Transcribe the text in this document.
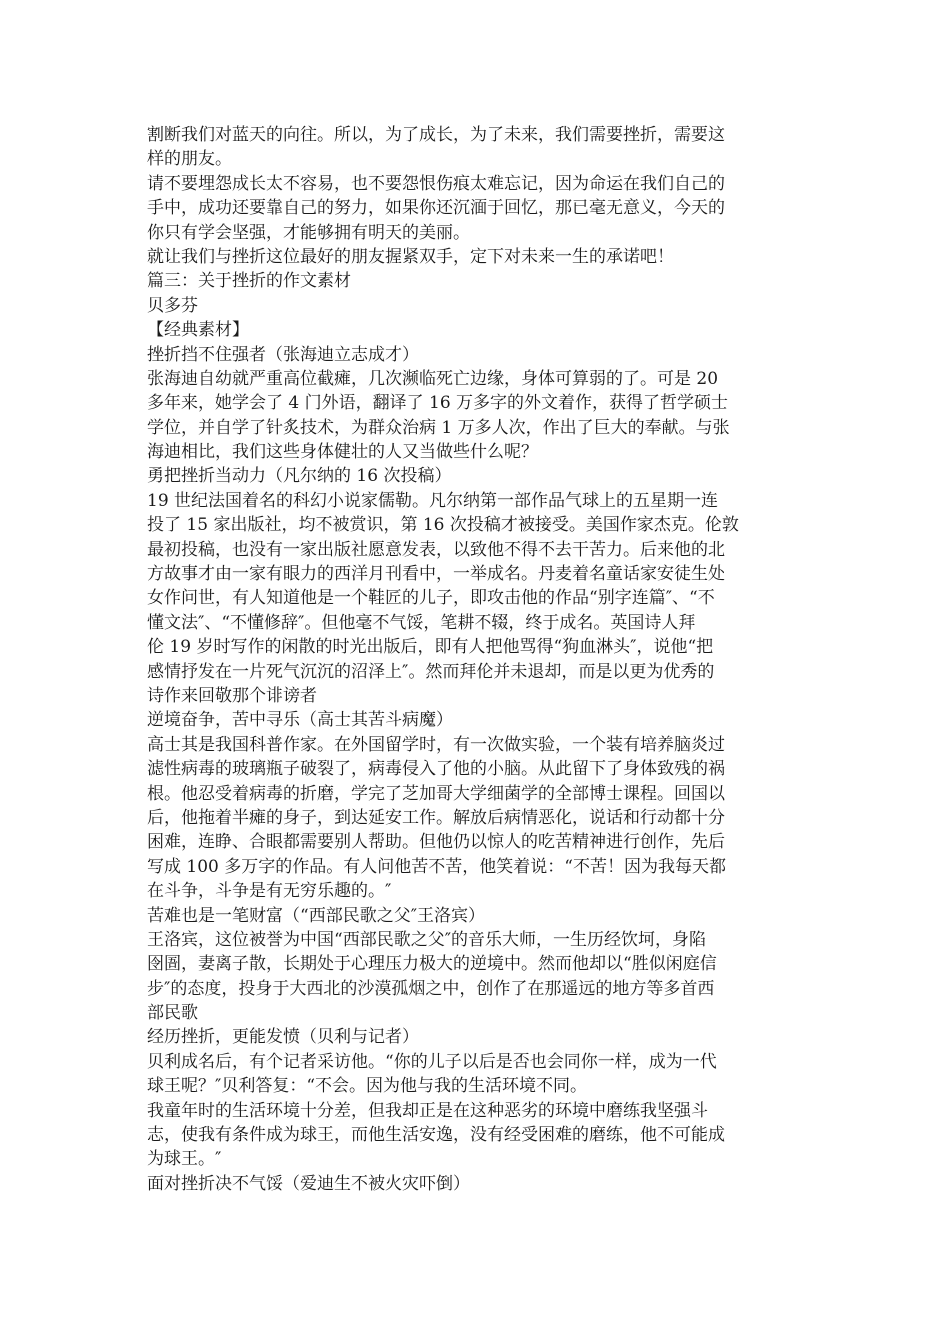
割断我们对蓝天的向往。所以，为了成长，为了未来，我们需要挫折，需要这
样的朋友。
请不要埋怨成长太不容易，也不要怨恨伤痕太难忘记，因为命运在我们自己的
手中，成功还要靠自己的努力，如果你还沉湎于回忆，那已毫无意义，今天的
你只有学会坚强，才能够拥有明天的美丽。
就让我们与挫折这位最好的朋友握紧双手，定下对未来一生的承诺吧！
篇三：关于挫折的作文素材
贝多芬
【经典素材】
挫折挡不住强者（张海迪立志成才）
张海迪自幼就严重高位截瘫，几次濒临死亡边缘，身体可算弱的了。可是 20
多年来，她学会了 4 门外语，翻译了 16 万多字的外文着作，获得了哲学硕士
学位，并自学了针炙技术，为群众治病 1 万多人次，作出了巨大的奉献。与张
海迪相比，我们这些身体健壮的人又当做些什么呢？
勇把挫折当动力（凡尔纳的 16 次投稿）
19 世纪法国着名的科幻小说家儒勒。凡尔纳第一部作品气球上的五星期一连
投了 15 家出版社，均不被赏识，第 16 次投稿才被接受。美国作家杰克。伦敦
最初投稿，也没有一家出版社愿意发表，以致他不得不去干苦力。后来他的北
方故事才由一家有眼力的西洋月刊看中，一举成名。丹麦着名童话家安徒生处
女作问世，有人知道他是一个鞋匠的儿子，即攻击他的作品“别字连篇″、“不
懂文法″、“不懂修辞″。但他毫不气馁，笔耕不辍，终于成名。英国诗人拜
伦 19 岁时写作的闲散的时光出版后，即有人把他骂得“狗血淋头″，说他“把
感情抒发在一片死气沉沉的沼泽上″。然而拜伦并未退却，而是以更为优秀的
诗作来回敬那个诽谤者
逆境奋争，苦中寻乐（高士其苦斗病魔）
高士其是我国科普作家。在外国留学时，有一次做实验，一个装有培养脑炎过
滤性病毒的玻璃瓶子破裂了，病毒侵入了他的小脑。从此留下了身体致残的祸
根。他忍受着病毒的折磨，学完了芝加哥大学细菌学的全部博士课程。回国以
后，他拖着半瘫的身子，到达延安工作。解放后病情恶化，说话和行动都十分
困难，连睁、合眼都需要别人帮助。但他仍以惊人的吃苦精神进行创作，先后
写成 100 多万字的作品。有人问他苦不苦，他笑着说：“不苦！因为我每天都
在斗争，斗争是有无穷乐趣的。″
苦难也是一笔财富（“西部民歌之父″王洛宾）
王洛宾，这位被誉为中国“西部民歌之父″的音乐大师，一生历经饮坷，身陷
囹圄，妻离子散，长期处于心理压力极大的逆境中。然而他却以“胜似闲庭信
步″的态度，投身于大西北的沙漠孤烟之中，创作了在那遥远的地方等多首西
部民歌
经历挫折，更能发愤（贝利与记者）
贝利成名后，有个记者采访他。“你的儿子以后是否也会同你一样，成为一代
球王呢？″贝利答复：“不会。因为他与我的生活环境不同。
我童年时的生活环境十分差，但我却正是在这种恶劣的环境中磨练我坚强斗
志，使我有条件成为球王，而他生活安逸，没有经受困难的磨练，他不可能成
为球王。″
面对挫折决不气馁（爱迪生不被火灾吓倒）
